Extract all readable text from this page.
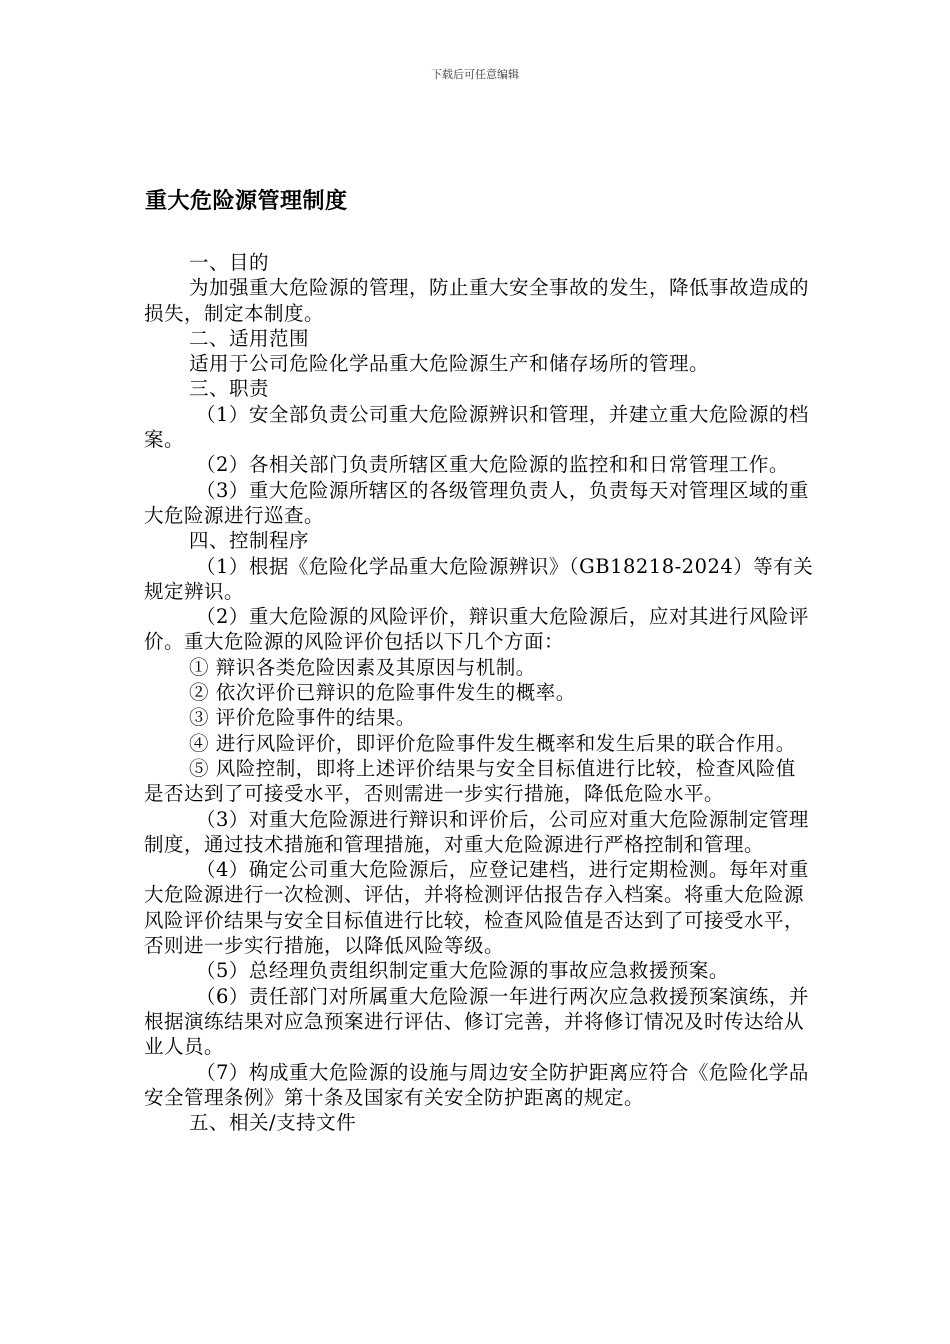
下载后可任意编辑
重大危险源管理制度

一、目的

为加强重大危险源的管理，防止重大安全事故的发生，降低事故造成的损失，制定本制度。

二、适用范围

适用于公司危险化学品重大危险源生产和储存场所的管理。

三、职责

（1）安全部负责公司重大危险源辨识和管理，并建立重大危险源的档案。

（2）各相关部门负责所辖区重大危险源的监控和和日常管理工作。

（3）重大危险源所辖区的各级管理负责人，负责每天对管理区域的重大危险源进行巡查。

四、控制程序

（1）根据《危险化学品重大危险源辨识》（GB18218-2024）等有关规定辨识。

（2）重大危险源的风险评价，辩识重大危险源后，应对其进行风险评价。重大危险源的风险评价包括以下几个方面：

① 辩识各类危险因素及其原因与机制。

② 依次评价已辩识的危险事件发生的概率。

③ 评价危险事件的结果。

④ 进行风险评价，即评价危险事件发生概率和发生后果的联合作用。

⑤ 风险控制，即将上述评价结果与安全目标值进行比较，检查风险值是否达到了可接受水平，否则需进一步实行措施，降低危险水平。

（3）对重大危险源进行辩识和评价后，公司应对重大危险源制定管理制度，通过技术措施和管理措施，对重大危险源进行严格控制和管理。

（4）确定公司重大危险源后，应登记建档，进行定期检测。每年对重大危险源进行一次检测、评估，并将检测评估报告存入档案。将重大危险源风险评价结果与安全目标值进行比较，检查风险值是否达到了可接受水平，否则进一步实行措施，以降低风险等级。

（5）总经理负责组织制定重大危险源的事故应急救援预案。

（6）责任部门对所属重大危险源一年进行两次应急救援预案演练，并根据演练结果对应急预案进行评估、修订完善，并将修订情况及时传达给从业人员。

（7）构成重大危险源的设施与周边安全防护距离应符合《危险化学品安全管理条例》第十条及国家有关安全防护距离的规定。

五、相关/支持文件
